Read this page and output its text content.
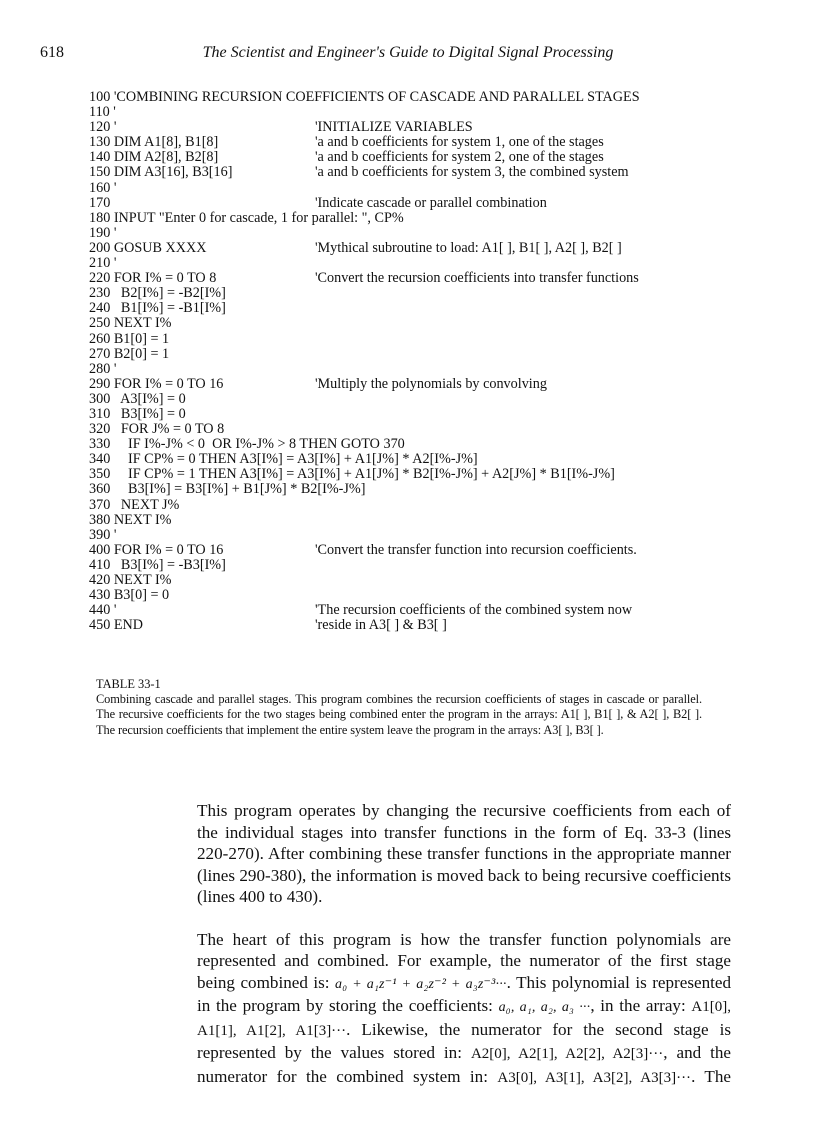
618	The Scientist and Engineer's Guide to Digital Signal Processing
100 'COMBINING RECURSION COEFFICIENTS OF CASCADE AND PARALLEL STAGES
110 '
120 '	'INITIALIZE VARIABLES
130 DIM A1[8], B1[8]	'a and b coefficients for system 1, one of the stages
140 DIM A2[8], B2[8]	'a and b coefficients for system 2, one of the stages
150 DIM A3[16], B3[16]	'a and b coefficients for system 3, the combined system
160 '
170	'Indicate cascade or parallel combination
180 INPUT "Enter 0 for cascade, 1 for parallel: ", CP%
190 '
200 GOSUB XXXX	'Mythical subroutine to load: A1[ ], B1[ ], A2[ ], B2[ ]
210 '
220 FOR I% = 0 TO 8	'Convert the recursion coefficients into transfer functions
230   B2[I%] = -B2[I%]
240   B1[I%] = -B1[I%]
250 NEXT I%
260 B1[0] = 1
270 B2[0] = 1
280 '
290 FOR I% = 0 TO 16	'Multiply the polynomials by convolving
300   A3[I%] = 0
310   B3[I%] = 0
320   FOR J% = 0 TO 8
330     IF I%-J% < 0  OR I%-J% > 8 THEN GOTO 370
340     IF CP% = 0 THEN A3[I%] = A3[I%] + A1[J%] * A2[I%-J%]
350     IF CP% = 1 THEN A3[I%] = A3[I%] + A1[J%] * B2[I%-J%] + A2[J%] * B1[I%-J%]
360     B3[I%] = B3[I%] + B1[J%] * B2[I%-J%]
370   NEXT J%
380 NEXT I%
390 '
400 FOR I% = 0 TO 16	'Convert the transfer function into recursion coefficients.
410   B3[I%] = -B3[I%]
420 NEXT I%
430 B3[0] = 0
440 '	'The recursion coefficients of the combined system now
450 END	'reside in A3[ ] & B3[ ]
TABLE 33-1
Combining cascade and parallel stages. This program combines the recursion coefficients of stages in cascade or parallel. The recursive coefficients for the two stages being combined enter the program in the arrays: A1[ ], B1[ ], & A2[ ], B2[ ]. The recursion coefficients that implement the entire system leave the program in the arrays: A3[ ], B3[ ].

This program operates by changing the recursive coefficients from each of the individual stages into transfer functions in the form of Eq. 33-3 (lines 220-270). After combining these transfer functions in the appropriate manner (lines 290-380), the information is moved back to being recursive coefficients (lines 400 to 430).

The heart of this program is how the transfer function polynomials are represented and combined. For example, the numerator of the first stage being combined is: a₀ + a₁z⁻¹ + a₂z⁻² + a₃z⁻³···. This polynomial is represented in the program by storing the coefficients: a₀, a₁, a₂, a₃ ···, in the array: A1[0], A1[1], A1[2], A1[3]···. Likewise, the numerator for the second stage is represented by the values stored in: A2[0], A2[1], A2[2], A2[3]···, and the numerator for the combined system in: A3[0], A3[1], A3[2], A3[3]···. The
